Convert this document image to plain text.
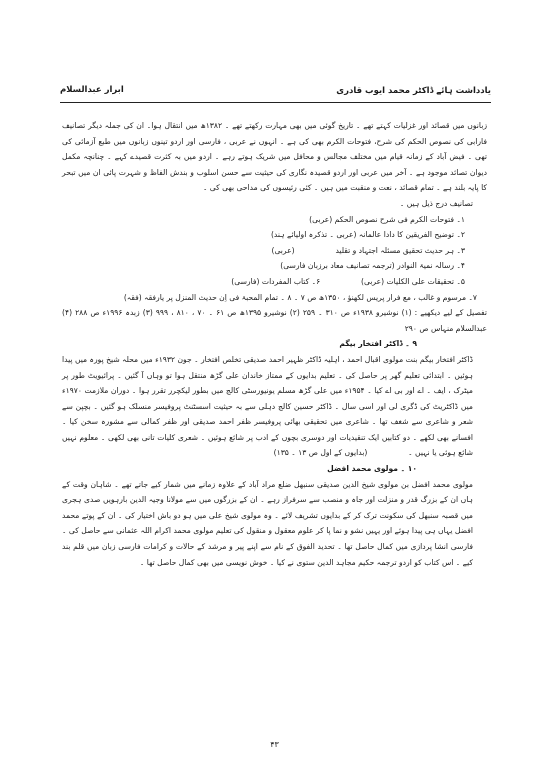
یادداشت ہائے ڈاکٹر محمد ایوب قادری
ابرار عبدالسلام

زبانوں میں قصائد اور غزلیات کہتے تھے ۔ تاریخ گوئی میں بھی مہارت رکھتے تھے ۔ ۱۳۸۲ھ میں انتقال ہوا۔ ان کی جملہ دیگر تصانیف فارابی کی نصوص الحکم کی شرح، فتوحات الکرم بھی کی ہے ۔ انہوں نے عربی ، فارسی اور اردو تینوں زبانوں میں طبع آزمائی کی تھی ۔ فیض آباد کے زمانہ قیام میں مختلف مجالس و محافل میں شریک ہوتے رہے ۔ اردو میں بہ کثرت قصیدے کہے ۔ چنانچہ مکمل دیوان تصائد موجود ہے ۔ آخر میں عربی اور اردو قصیدہ نگاری کی حیثیت سے حسن اسلوب و بندش الفاظ و شہرت پائی ان میں تبحر کا پایہ بلند ہے ۔ تمام قصائد ، نعت و منقبت میں ہیں ۔ کئی رئیسوں کی مداحی بھی کی ۔

تصانیف درج ذیل ہیں ۔

۱۔ فتوحات الکرم فی شرح نصوص الحکم (عربی)
۲۔ توضیح الفریقین کا دادا عالمانہ (عربی ۔ تذکرہ اولیائے ہند)
۳۔ ہر حدیث تحقیق مسئلہ اجتہاد و تقلید  (عربی)
۴۔ رسالہ نمیۃ النوادر (ترجمہ تصانیف معاد برزبان فارسی)
۵۔ تحقیقات علی الکلیات (عربی)  ۶۔ کتاب المفردات (فارسی)
۷۔ مرسوم و غالب ، مع فرار پریس لکھنؤ ، ۱۳۵۰ھ ص ۷ ۔ ۸ ۔ تمام المحبۃ فی اِن حدیث المنزل پر یارفقہ (فقہ)

تفصیل کے لیے دیکھیے : (۱) نوشیرو ۱۹۳۸ء ص ۳۱۰ ۔ ۲۵۹ (۲) نوشیرو ۱۳۹۵ھ ص ۶۱ ۔ ۷۰ ، ۸۱۰ ، ۹۹۹ (۳) زبدہ ۱۹۹۶ء ص ۲۸۸ (۴) عبدالسلام منہاس ص ۲۹۰

۹ ۔ ڈاکٹر افتخار بیگم

ڈاکٹر افتخار بیگم بنت مولوی اقبال احمد ، اہلیہ ڈاکٹر ظہیر احمد صدیقی تخلص افتخار ۔ جون ۱۹۳۲ء میں محلہ شیخ پورہ میں پیدا ہوئیں ۔ ابتدائی تعلیم گھر پر حاصل کی ۔ تعلیم بدایوں کے ممتاز خاندان علی گڑھ منتقل ہوا تو وہاں آ گئیں ۔ پرائیویٹ طور پر میٹرک ، ایف ۔ اے اور بی اے کیا ۔ ۱۹۵۴ء میں علی گڑھ مسلم یونیورسٹی کالج میں بطور لیکچرر تقرر ہوا ۔ دوران ملازمت ۱۹۷۰ء میں ڈاکٹریٹ کی ڈگری لی اور اسی سال ۔ ڈاکٹر حسین کالج دہلی سے بہ حیثیت اسسٹنٹ پروفیسر منسلک ہو گئیں ۔ بچپن سے شعر و شاعری سے شغف تھا ۔ شاعری میں تحقیقی بھائی پروفیسر ظفر احمد صدیقی اور ظفر کمالی سے مشورہ سخن کیا ۔ افسانے بھی لکھے ۔ دو کتابیں ایک تنقیدیات اور دوسری بچوں کے ادب پر شائع ہوئیں ۔ شعری کلیات تانی بھی لکھی ۔ معلوم نہیں شائع ہوئی یا نہیں ۔  (بدایوں کے اول ص ۱۳ ۔ ۱۳۵)

۱۰ ۔ مولوی محمد افضل

مولوی محمد افضل بن مولوی شیخ الدین صدیقی سنبھل ضلع مراد آباد کے علاوہ زمانے میں شمار کیے جاتے تھے ۔ شاہان وقت کے ہاں ان کے بزرگ قدر و منزلت اور جاہ و منصب سے سرفراز رہے ۔ ان کے بزرگوں میں سے مولانا وجیہ الدین بارہویں صدی ہجری میں قصبہ سنبھل کی سکونت ترک کر کے بدایوں تشریف لائے ۔ وہ مولوی شیخ علی میں ہو دو باش اختیار کی ۔ ان کے پوتے محمد افضل یہاں ہی پیدا ہوئے اور یہیں نشو و نما پا کر علوم معقول و منقول کی تعلیم مولوی محمد اکرام اللہ عثمانی سے حاصل کی ۔ فارسی انشا پردازی میں کمال حاصل تھا ۔ تحدید الفوق کے نام سے اپنے پیر و مرشد کے حالات و کرامات فارسی زبان میں قلم بند کیے ۔ اس کتاب کو اردو ترجمہ حکیم مجاہد الدین ستوی نے کیا ۔ خوش نویسی میں بھی کمال حاصل تھا ۔

۴۳
